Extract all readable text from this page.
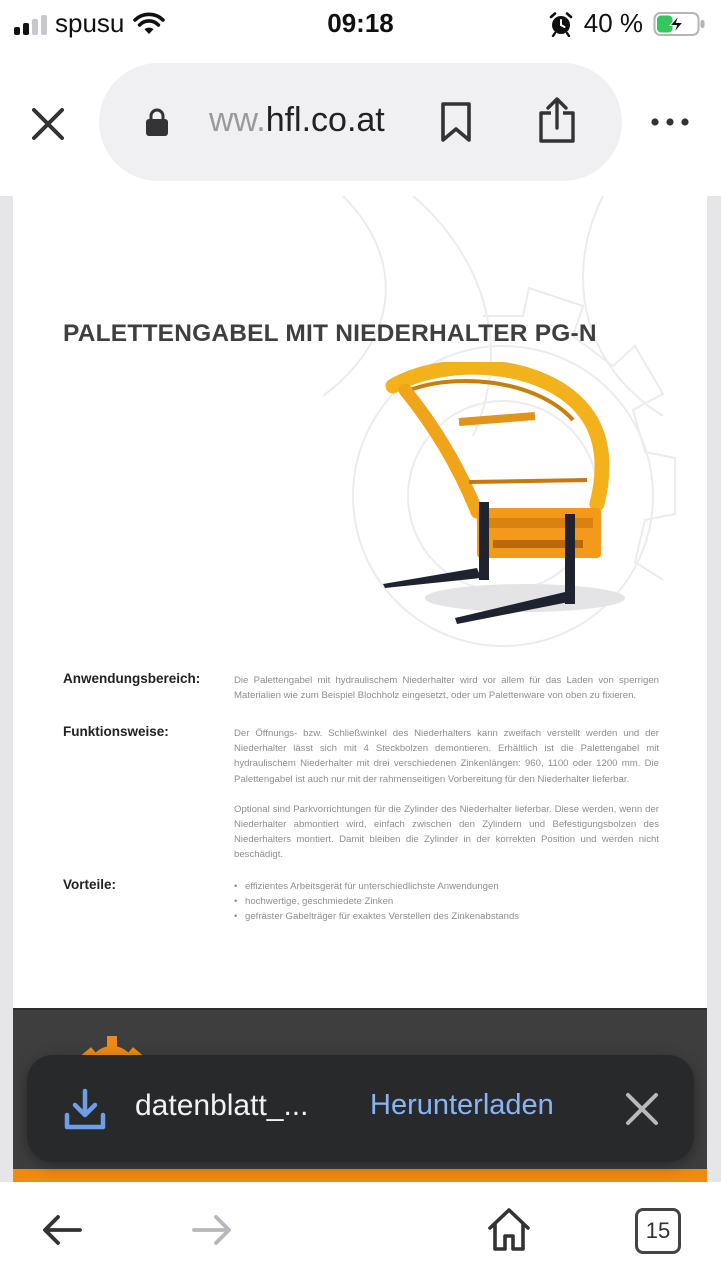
spusu	09:18	40 %
ww.hfl.co.at
PALETTENGABEL MIT NIEDERHALTER PG-N
Anwendungsbereich:	Die Palettengabel mit hydraulischem Niederhalter wird vor allem für das Laden von sperrigen Materialien wie zum Beispiel Blochholz eingesetzt, oder um Palettenware von oben zu fixieren.

Funktionsweise:	Der Öffnungs- bzw. Schließwinkel des Niederhalters kann zweifach verstellt werden und der Niederhalter lässt sich mit 4 Steckbolzen demontieren. Erhältlich ist die Palettengabel mit hydraulischem Niederhalter mit drei verschiedenen Zinkenlängen: 960, 1100 oder 1200 mm. Die Palettengabel ist auch nur mit der rahmenseitigen Vorbereitung für den Niederhalter lieferbar.

Optional sind Parkvorrichtungen für die Zylinder des Niederhalter lieferbar. Diese werden, wenn der Niederhalter abmontiert wird, einfach zwischen den Zylindern und Befestigungsbolzen des Niederhalters montiert. Damit bleiben die Zylinder in der korrekten Position und werden nicht beschädigt.

Vorteile:
•	effizientes Arbeitsgerät für unterschiedlichste Anwendungen
• hochwertige, geschmiedete Zinken
• gefräster Gabelträger für exaktes Verstellen des Zinkenabstands
datenblatt_... Herunterladen
15
